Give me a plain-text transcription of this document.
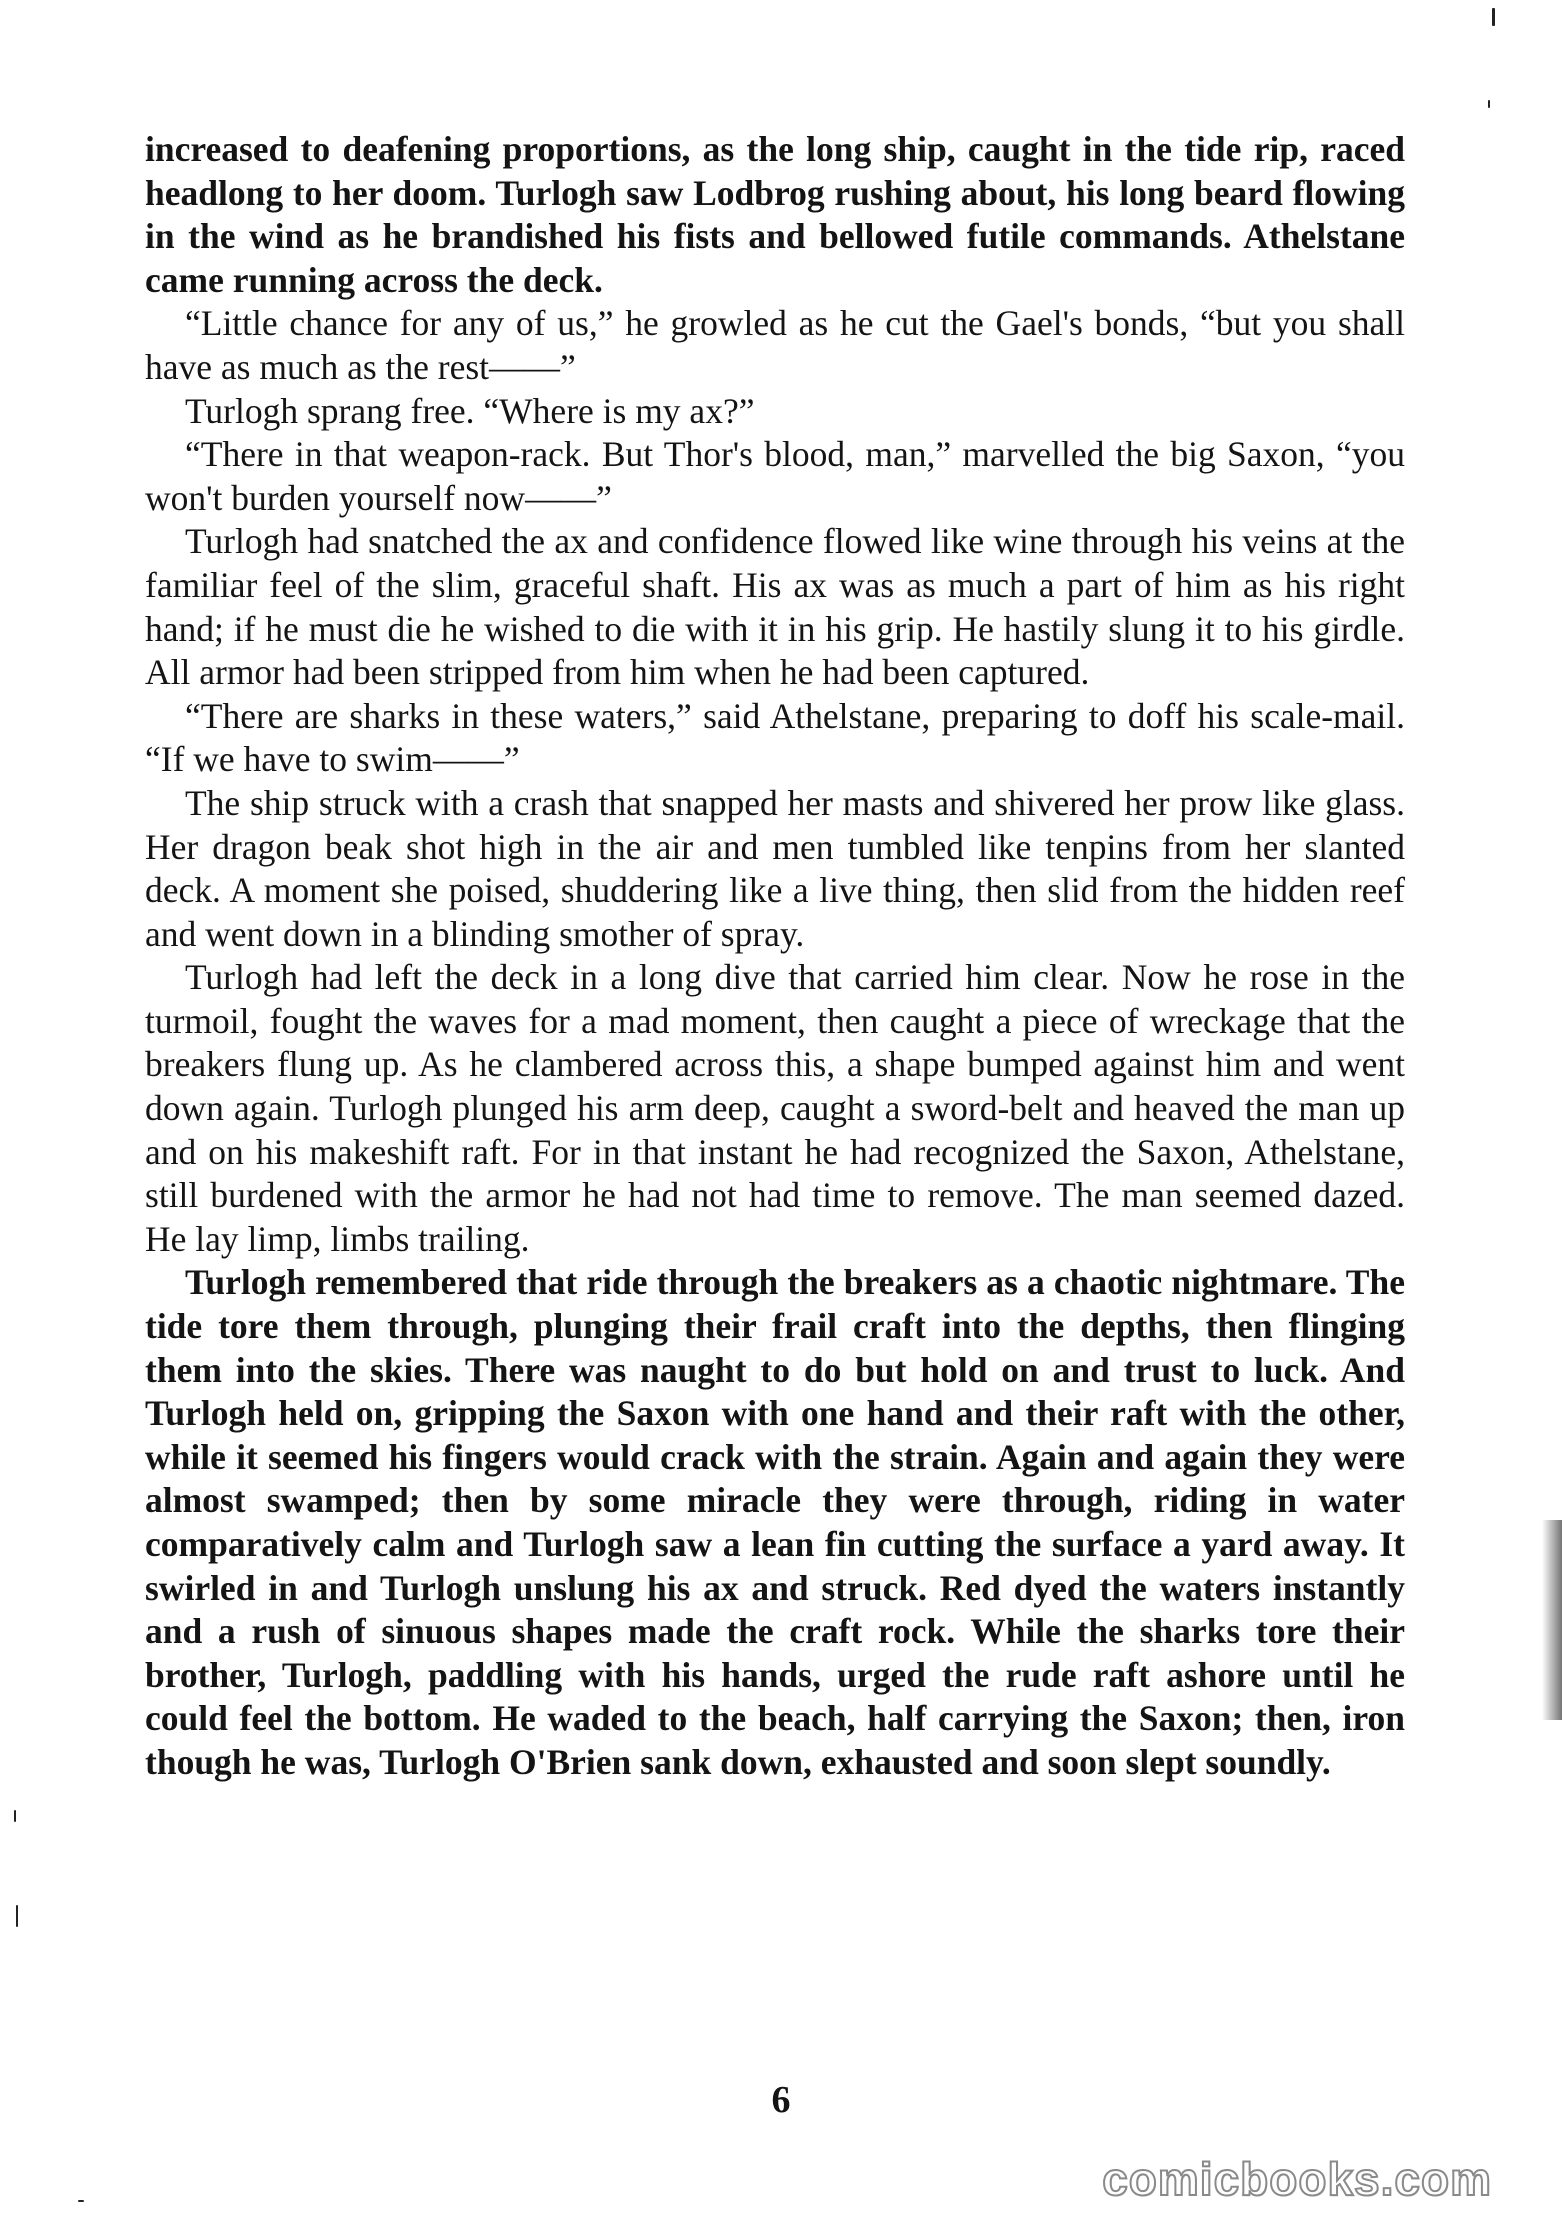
increased to deafening proportions, as the long ship, caught in the tide rip, raced headlong to her doom. Turlogh saw Lodbrog rushing about, his long beard flowing in the wind as he brandished his fists and bellowed futile commands. Athelstane came running across the deck.

“Little chance for any of us,” he growled as he cut the Gael's bonds, “but you shall have as much as the rest——”

Turlogh sprang free. “Where is my ax?”

“There in that weapon-rack. But Thor's blood, man,” marvelled the big Saxon, “you won't burden yourself now——”

Turlogh had snatched the ax and confidence flowed like wine through his veins at the familiar feel of the slim, graceful shaft. His ax was as much a part of him as his right hand; if he must die he wished to die with it in his grip. He hastily slung it to his girdle. All armor had been stripped from him when he had been captured.

“There are sharks in these waters,” said Athelstane, preparing to doff his scale-mail. “If we have to swim——”

The ship struck with a crash that snapped her masts and shivered her prow like glass. Her dragon beak shot high in the air and men tumbled like tenpins from her slanted deck. A moment she poised, shuddering like a live thing, then slid from the hidden reef and went down in a blinding smother of spray.

Turlogh had left the deck in a long dive that carried him clear. Now he rose in the turmoil, fought the waves for a mad moment, then caught a piece of wreckage that the breakers flung up. As he clambered across this, a shape bumped against him and went down again. Turlogh plunged his arm deep, caught a sword-belt and heaved the man up and on his makeshift raft. For in that instant he had recognized the Saxon, Athelstane, still burdened with the armor he had not had time to remove. The man seemed dazed. He lay limp, limbs trailing.

Turlogh remembered that ride through the breakers as a chaotic nightmare. The tide tore them through, plunging their frail craft into the depths, then flinging them into the skies. There was naught to do but hold on and trust to luck. And Turlogh held on, gripping the Saxon with one hand and their raft with the other, while it seemed his fingers would crack with the strain. Again and again they were almost swamped; then by some miracle they were through, riding in water comparatively calm and Turlogh saw a lean fin cutting the surface a yard away. It swirled in and Turlogh unslung his ax and struck. Red dyed the waters instantly and a rush of sinuous shapes made the craft rock. While the sharks tore their brother, Turlogh, paddling with his hands, urged the rude raft ashore until he could feel the bottom. He waded to the beach, half carrying the Saxon; then, iron though he was, Turlogh O'Brien sank down, exhausted and soon slept soundly.

6
comicbooks.com
